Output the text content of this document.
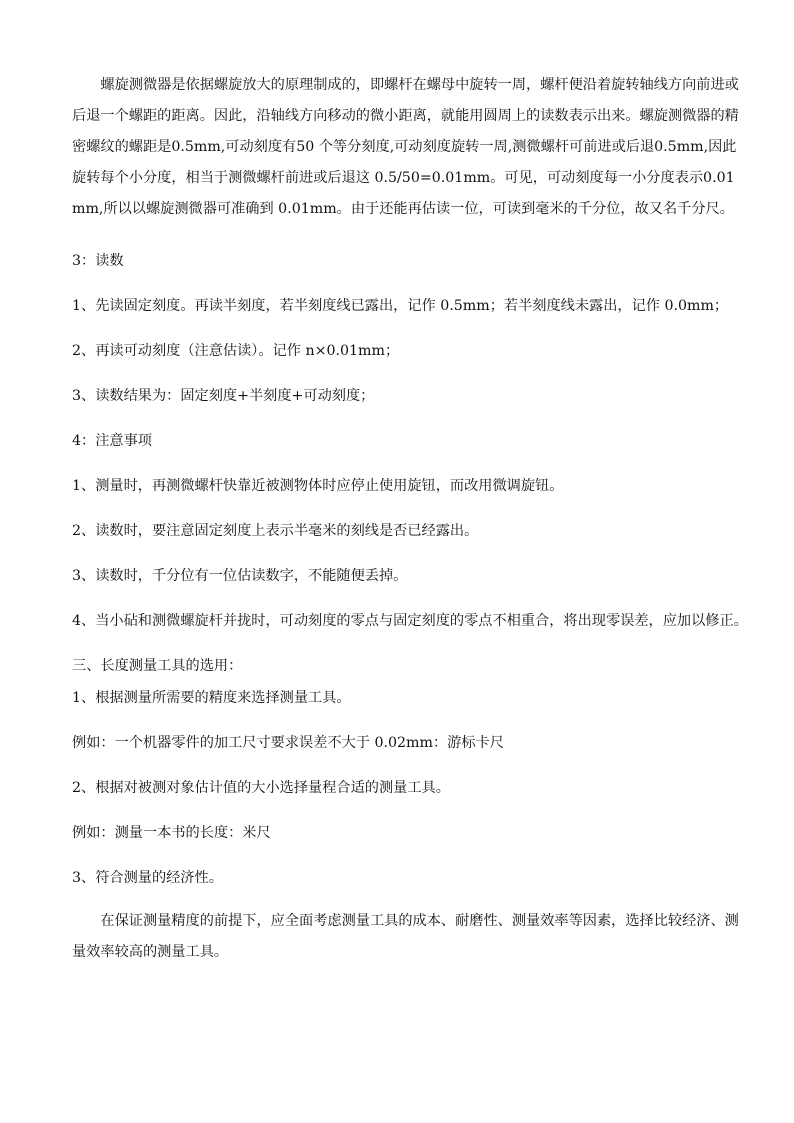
螺旋测微器是依据螺旋放大的原理制成的，即螺杆在螺母中旋转一周，螺杆便沿着旋转轴线方向前进或后退一个螺距的距离。因此，沿轴线方向移动的微小距离，就能用圆周上的读数表示出来。螺旋测微器的精密螺纹的螺距是0.5mm,可动刻度有50 个等分刻度,可动刻度旋转一周,测微螺杆可前进或后退0.5mm,因此旋转每个小分度，相当于测微螺杆前进或后退这 0.5/50=0.01mm。可见，可动刻度每一小分度表示0.01mm,所以以螺旋测微器可准确到 0.01mm。由于还能再估读一位，可读到毫米的千分位，故又名千分尺。

3：读数

1、先读固定刻度。再读半刻度，若半刻度线已露出，记作 0.5mm；若半刻度线未露出，记作 0.0mm；

2、再读可动刻度（注意估读）。记作 n×0.01mm；

3、读数结果为：固定刻度+半刻度+可动刻度；

4：注意事项

1、测量时，再测微螺杆快靠近被测物体时应停止使用旋钮，而改用微调旋钮。

2、读数时，要注意固定刻度上表示半毫米的刻线是否已经露出。

3、读数时，千分位有一位估读数字，不能随便丢掉。

4、当小砧和测微螺旋杆并拢时，可动刻度的零点与固定刻度的零点不相重合，将出现零误差，应加以修正。

三、长度测量工具的选用：

1、根据测量所需要的精度来选择测量工具。

例如：一个机器零件的加工尺寸要求误差不大于 0.02mm：游标卡尺

2、根据对被测对象估计值的大小选择量程合适的测量工具。

例如：测量一本书的长度：米尺

3、符合测量的经济性。

在保证测量精度的前提下，应全面考虑测量工具的成本、耐磨性、测量效率等因素，选择比较经济、测量效率较高的测量工具。
